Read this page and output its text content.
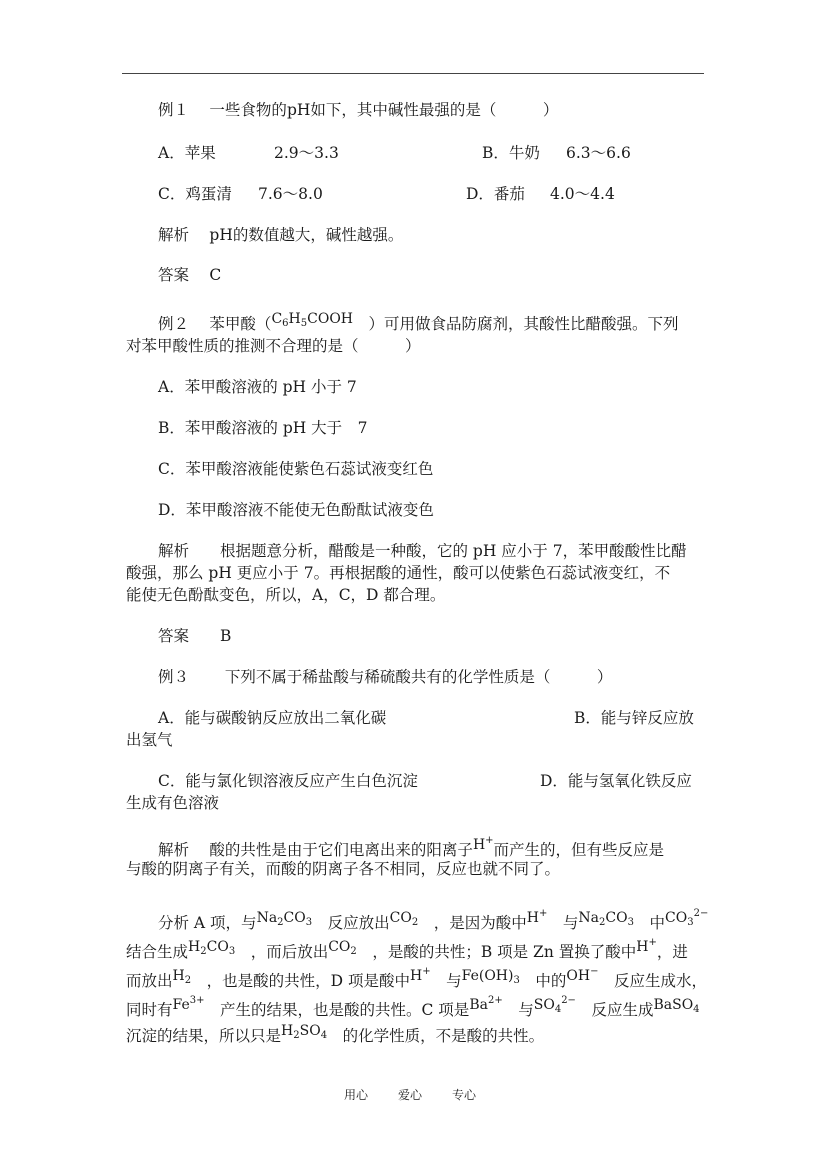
例１　 一些食物的pH如下，其中碱性最强的是（　　　）
A．苹果	2.9～3.3	B．牛奶 6.3～6.6
C．鸡蛋清 7.6～8.0	D．番茄 4.0～4.4
解析　 pH的数值越大，碱性越强。
答案　 C
例２　 苯甲酸（$C_6H_5COOH$　 ）可用做食品防腐剂，其酸性比醋酸强。下列
对苯甲酸性质的推测不合理的是（　　　）
A．苯甲酸溶液的 pH 小于 7
B．苯甲酸溶液的 pH 大于　7
C．苯甲酸溶液能使紫色石蕊试液变红色
D．苯甲酸溶液不能使无色酚酞试液变色
解析　　根据题意分析，醋酸是一种酸，它的 pH 应小于 7，苯甲酸酸性比醋
酸强，那么 pH 更应小于 7。再根据酸的通性，酸可以使紫色石蕊试液变红，不
能使无色酚酞变色，所以，A，C，D 都合理。
答案　　B
例３　　 下列不属于稀盐酸与稀硫酸共有的化学性质是（　　　）
A．能与碳酸钠反应放出二氧化碳	B．能与锌反应放
出氢气
C．能与氯化钡溶液反应产生白色沉淀	D．能与氢氧化铁反应
生成有色溶液
解析　 酸的共性是由于它们电离出来的阳离子H+而产生的，但有些反应是
与酸的阴离子有关，而酸的阴离子各不相同，反应也就不同了。
分析 A 项，与$Na_2CO_3$　 反应放出$CO_2$　 ，是因为酸中H+　与$Na_2CO_3$　 中$CO_3^{2-}$
结合生成$H_2CO_3$　 ，而后放出$CO_2$　 ，是酸的共性；B 项是 Zn 置换了酸中H+，进
而放出$H_2$　 ，也是酸的共性，D 项是酸中H+　与$Fe(OH)_3$　 中的OH−　反应生成水，
同时有$Fe^{3+}$　产生的结果，也是酸的共性。C 项是$Ba^{2+}$　与$SO_4^{2-}$　反应生成BaSO$_4$
沉淀的结果，所以只是$H_2SO_4$　 的化学性质，不是酸的共性。
用心	爱心	专心
